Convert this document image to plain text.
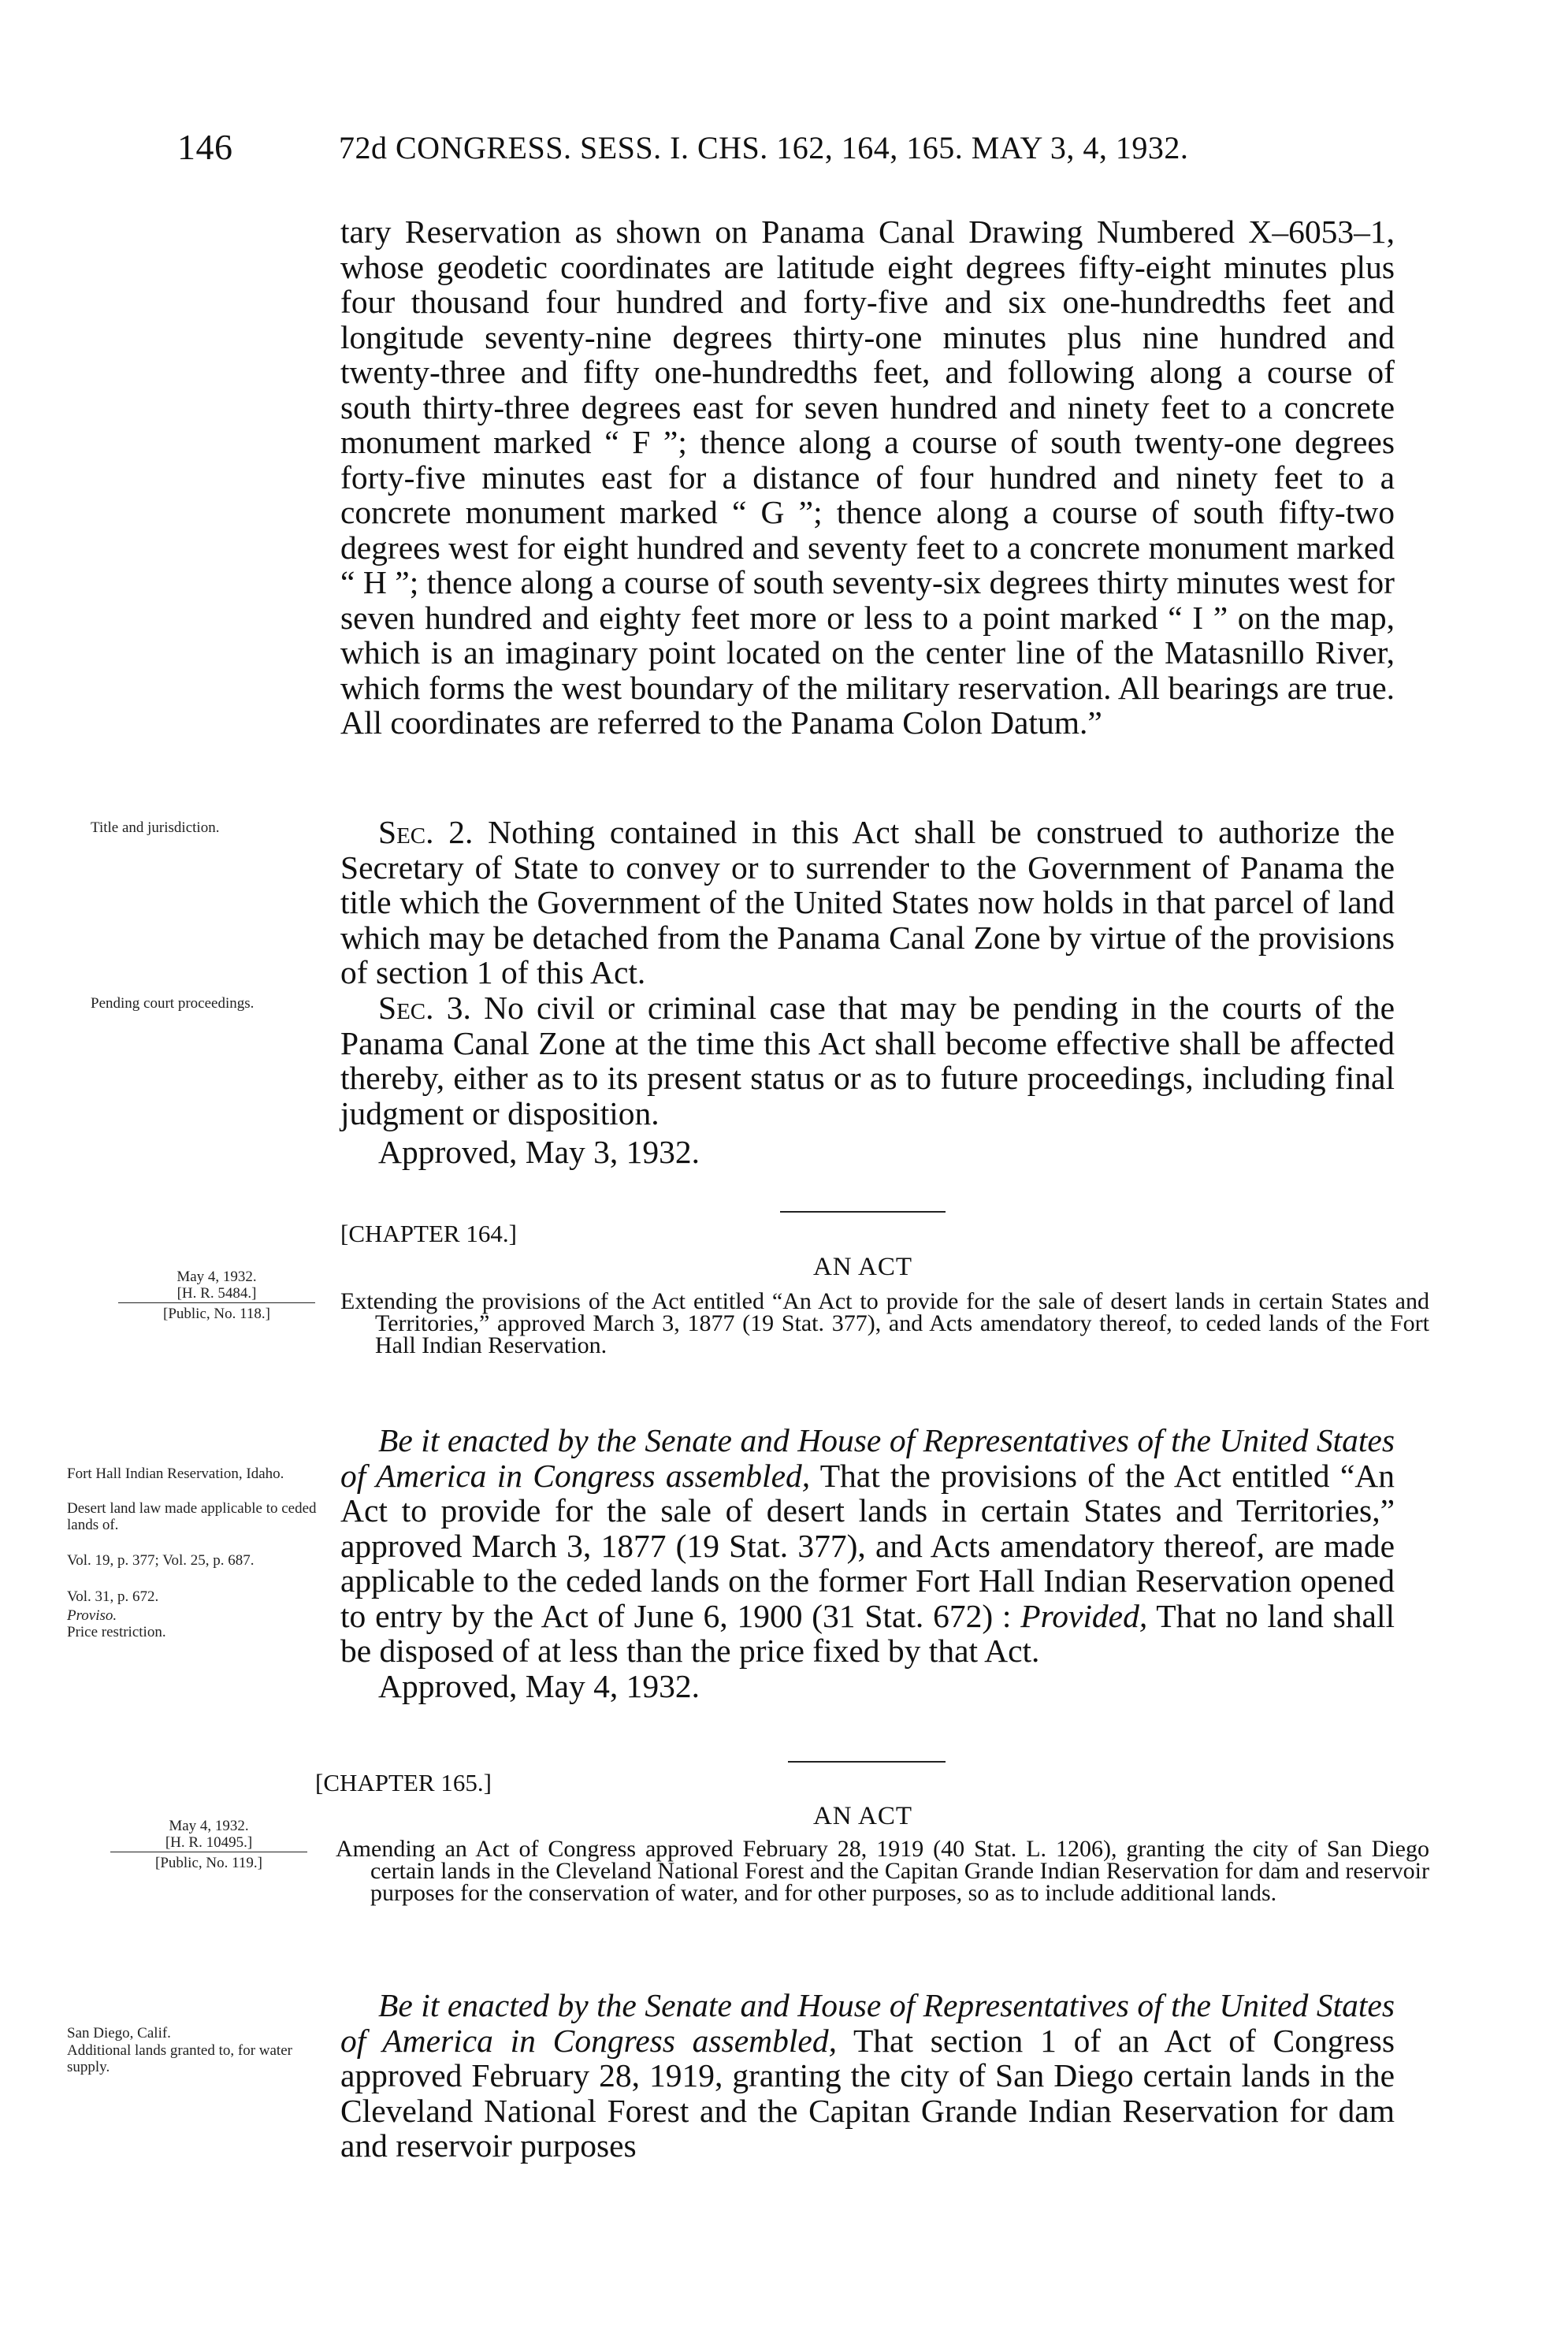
146	72d CONGRESS. SESS. I. CHS. 162, 164, 165. MAY 3, 4, 1932.

tary Reservation as shown on Panama Canal Drawing Numbered X–6053–1, whose geodetic coordinates are latitude eight degrees fifty-eight minutes plus four thousand four hundred and forty-five and six one-hundredths feet and longitude seventy-nine degrees thirty-one minutes plus nine hundred and twenty-three and fifty one-hundredths feet, and following along a course of south thirty-three degrees east for seven hundred and ninety feet to a concrete monument marked “ F ”; thence along a course of south twenty-one degrees forty-five minutes east for a distance of four hundred and ninety feet to a concrete monument marked “ G ”; thence along a course of south fifty-two degrees west for eight hundred and seventy feet to a concrete monument marked “ H ”; thence along a course of south seventy-six degrees thirty minutes west for seven hundred and eighty feet more or less to a point marked “ I ” on the map, which is an imaginary point located on the center line of the Matasnillo River, which forms the west boundary of the military reservation. All bearings are true. All coordinates are referred to the Panama Colon Datum.”

Title and jurisdiction.	Sec. 2. Nothing contained in this Act shall be construed to authorize the Secretary of State to convey or to surrender to the Government of Panama the title which the Government of the United States now holds in that parcel of land which may be detached from the Panama Canal Zone by virtue of the provisions of section 1 of this Act.

Pending court proceedings.	Sec. 3. No civil or criminal case that may be pending in the courts of the Panama Canal Zone at the time this Act shall become effective shall be affected thereby, either as to its present status or as to future proceedings, including final judgment or disposition.

Approved, May 3, 1932.

[CHAPTER 164.]
AN ACT
May 4, 1932.
[H. R. 5484.]
[Public, No. 118.]	Extending the provisions of the Act entitled “An Act to provide for the sale of desert lands in certain States and Territories,” approved March 3, 1877 (19 Stat. 377), and Acts amendatory thereof, to ceded lands of the Fort Hall Indian Reservation.

Be it enacted by the Senate and House of Representatives of the United States of America in Congress assembled, That the provisions of the Act entitled “An Act to provide for the sale of desert lands in certain States and Territories,” approved March 3, 1877 (19 Stat. 377), and Acts amendatory thereof, are made applicable to the ceded lands on the former Fort Hall Indian Reservation opened to entry by the Act of June 6, 1900 (31 Stat. 672) : Provided, That no land shall be disposed of at less than the price fixed by that Act.

Approved, May 4, 1932.

Fort Hall Indian Reservation, Idaho.
Desert land law made applicable to ceded lands of.
Vol. 19, p. 377; Vol. 25, p. 687.
Vol. 31, p. 672.
Proviso.
Price restriction.
[CHAPTER 165.]
AN ACT
May 4, 1932.
[H. R. 10495.]
[Public, No. 119.]
Amending an Act of Congress approved February 28, 1919 (40 Stat. L. 1206), granting the city of San Diego certain lands in the Cleveland National Forest and the Capitan Grande Indian Reservation for dam and reservoir purposes for the conservation of water, and for other purposes, so as to include additional lands.

Be it enacted by the Senate and House of Representatives of the United States of America in Congress assembled, That section 1 of an Act of Congress approved February 28, 1919, granting the city of San Diego certain lands in the Cleveland National Forest and the Capitan Grande Indian Reservation for dam and reservoir purposes

San Diego, Calif.
Additional lands granted to, for water supply.
